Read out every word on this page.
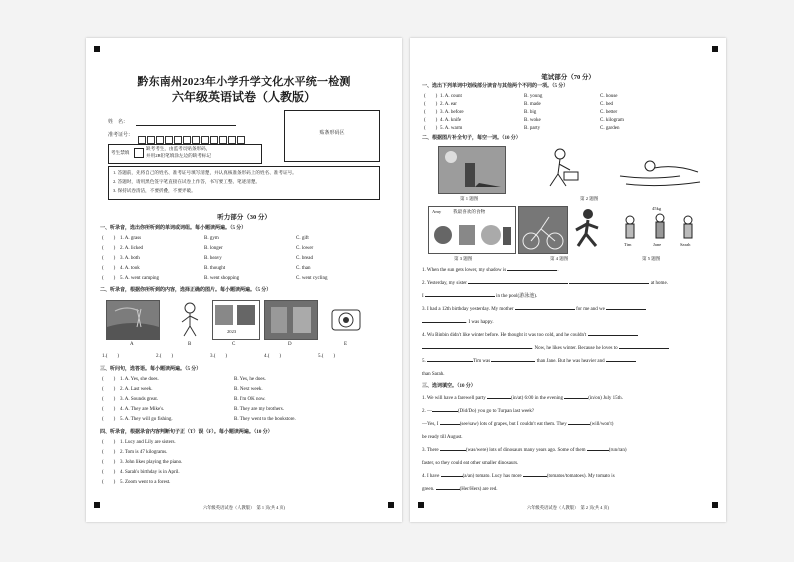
黔东南州2023年小学升学文化水平统一检测
六年级英语试卷（人教版）
姓　名：
准考证号：
考生禁填
缺考考生，由监考员贴条形码，
并用2B铅笔填涂左边的缺考标记
贴条形码区
1. 答题前，先将自己的姓名、准考证号填写清楚，并认真核准条形码上的姓名、准考证号。
2. 答题时，请用黑色签字笔直接在试卷上作答，书写要工整、笔迹清楚。
3. 保持试卷清洁，不要折叠，不要弄破。
听力部分（30 分）
一、听录音，选出你所听到的单词或词组。每小题读两遍。（5 分）
(　　) 1. A. grass	B. gym	C. gift
(　　) 2. A. licked	B. longer	C. lower
(　　) 3. A. both	B. heavy	C. bread
(　　) 4. A. took	B. thought	C. than
(　　) 5. A. went camping	B. went shopping	C. went cycling
二、听录音，根据你所听到的内容，选择正确的图片。每小题读两遍。（5 分）
2023
A	B	C	D	E
1.(　　)	2.(　　)	3.(　　)	4.(　　)	5.(　　)
三、听问句，选答语。每小题读两遍。（5 分）
(　　) 1. A. Yes, she does.	B. Yes, he does.
(　　) 2. A. Last week.	B. Next week.
(　　) 3. A. Sounds great.	B. I'm OK now.
(　　) 4. A. They are Mike's.	B. They are my brothers.
(　　) 5. A. They will go fishing.	B. They went to the bookstore.
四、听录音，根据录音内容判断句子正（T）误（F）。每小题读两遍。（10 分）
(　　) 1. Lucy and Lily are sisters.
(　　) 2. Tom is 47 kilograms.
(　　) 3. John likes playing the piano.
(　　) 4. Sarah's birthday is in April.
(　　) 5. Zoom went to a forest.
六年级英语试卷（人教版）　第 1 页(共 4 页)
笔试部分（70 分）
一、选出下列单词中划线部分读音与其他两个不同的一项。（5 分）
(　　) 1. A. count	B. young	C. house
(　　) 2. A. ear	B. made	C. bed
(　　) 3. A. before	B. big	C. better
(　　) 4. A. knife	B. woke	C. kilogram
(　　) 5. A. warm	B. party	C. garden
二、根据图片补全句子，每空一词。（10 分）
第 1 题图	第 2 题图
Amy	我最喜欢的食物
45kg
Tim	Jane	Sarah
第 3 题图	第 4 题图	第 5 题图
1. When the sun gets lower, my shadow is	.
2. Yesterday, my sister	at home.
I	in the pool(游泳池).
3. I had a 12th birthday yesterday. My mother	for me and we
. I was happy.
4. Wu Binbin didn't like winter before. He thought it was too cold, and he couldn't
. Now, he likes winter. Because he loves to
5.	Tim was	than Jane. But he was heavier and
than Sarah.
三、选词填空。（10 分）
1. We will have a farewell party	(in/at) 6:00 in the evening	(in/on) July 15th.
2. —	(Did/Do) you go to Turpan last week?
—Yes, I	(see/saw) lots of grapes, but I couldn't eat them. They	(will/won't)
be ready till August.
3. There	(was/were) lots of dinosaurs many years ago. Some of them	(run/ran)
faster, so they could eat other smaller dinosaurs.
4. I have	(a/an) tomato. Lucy has more	(tomatos/tomatoes). My tomato is
green.	(Her/Hers) are red.
六年级英语试卷（人教版）　第 2 页(共 4 页)
